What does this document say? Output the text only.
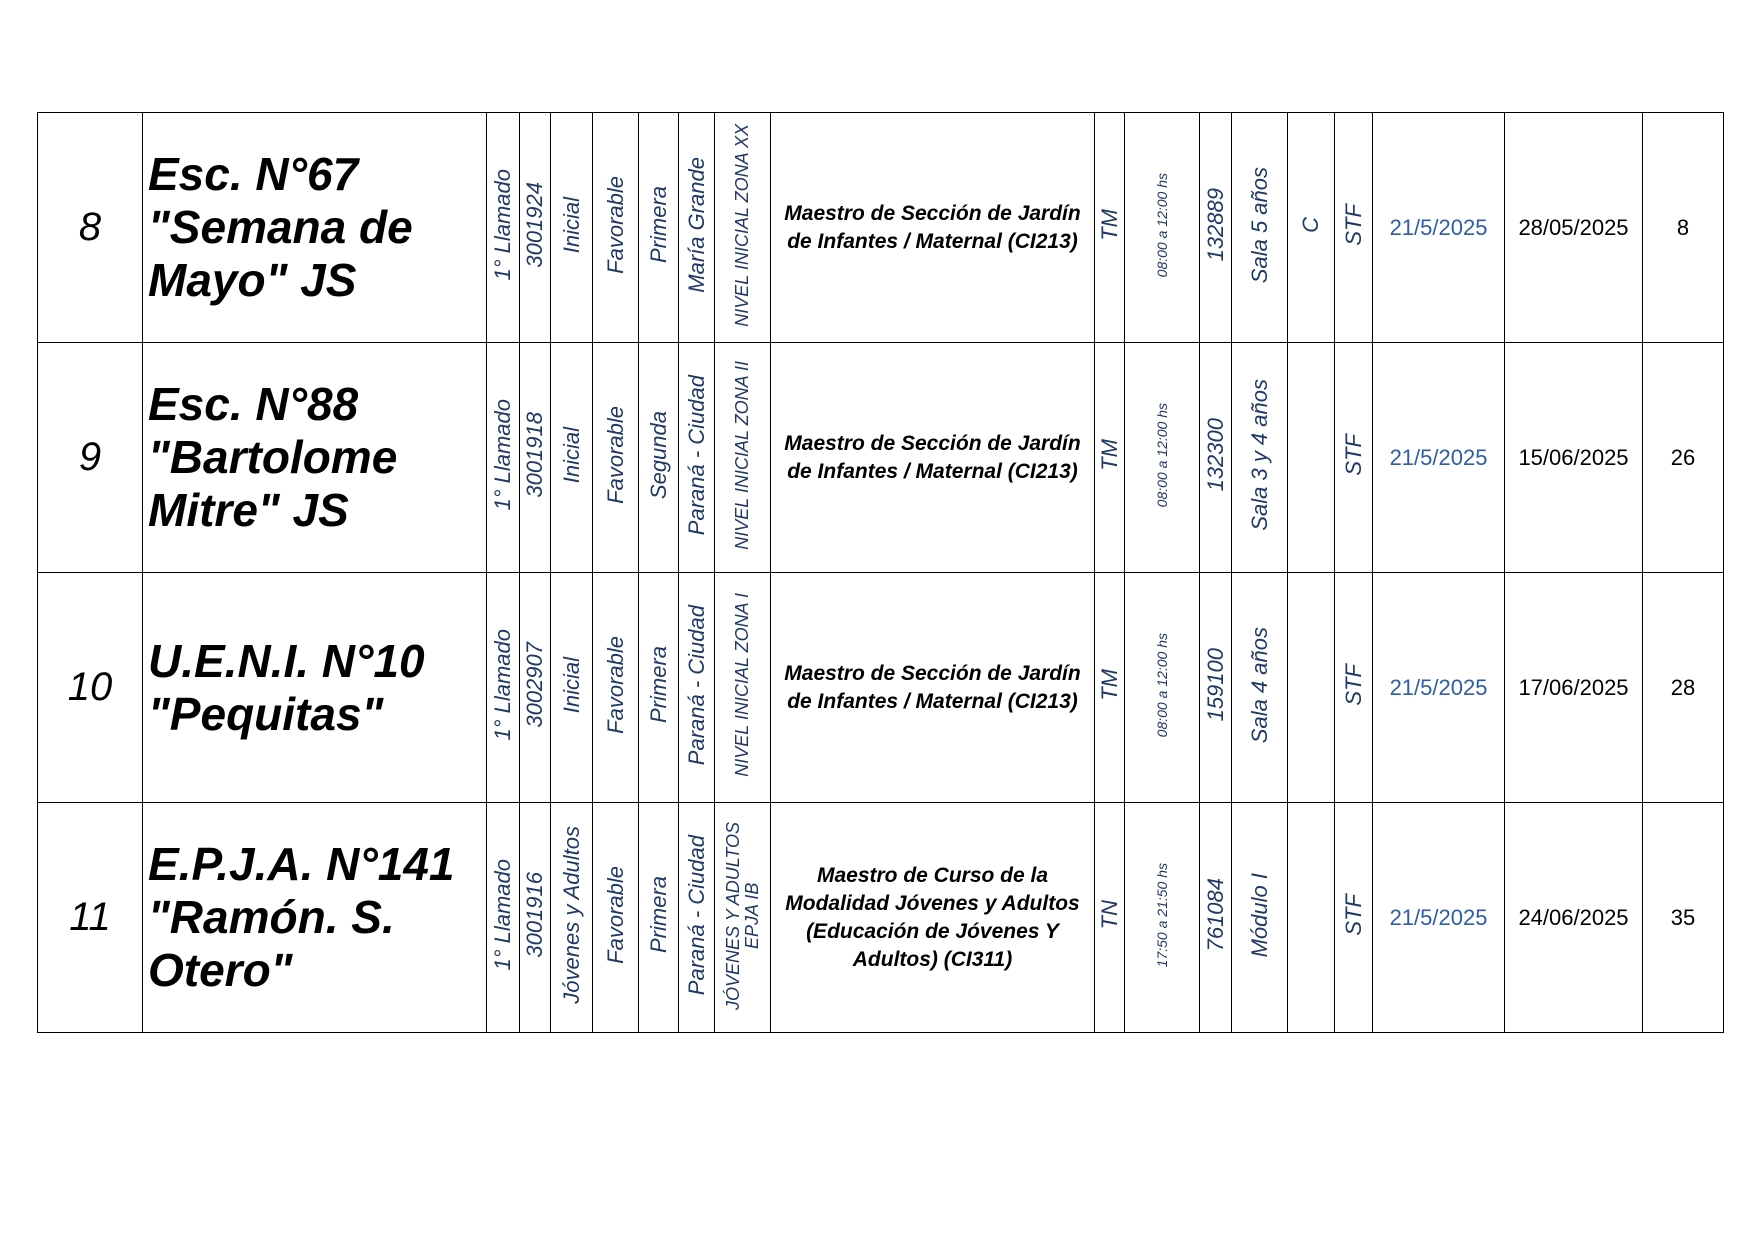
8	Esc. N°67 "Semana de Mayo" JS	1° Llamado	3001924	Inicial	Favorable	Primera	María Grande	NIVEL INICIAL ZONA XX	Maestro de Sección de Jardín de Infantes / Maternal (CI213)	TM	08:00 a 12:00 hs	132889	Sala 5 años	C	STF	21/5/2025	28/05/2025	8
9	Esc. N°88 "Bartolome Mitre" JS	1° Llamado	3001918	Inicial	Favorable	Segunda	Paraná - Ciudad	NIVEL INICIAL ZONA II	Maestro de Sección de Jardín de Infantes / Maternal (CI213)	TM	08:00 a 12:00 hs	132300	Sala 3 y 4 años		STF	21/5/2025	15/06/2025	26
10	U.E.N.I. N°10 "Pequitas"	1° Llamado	3002907	Inicial	Favorable	Primera	Paraná - Ciudad	NIVEL INICIAL ZONA I	Maestro de Sección de Jardín de Infantes / Maternal (CI213)	TM	08:00 a 12:00 hs	159100	Sala 4 años		STF	21/5/2025	17/06/2025	28
11	E.P.J.A. N°141 "Ramón. S. Otero"	1° Llamado	3001916	Jóvenes y Adultos	Favorable	Primera	Paraná - Ciudad	JÓVENES Y ADULTOS EPJA IB	Maestro de Curso de la Modalidad Jóvenes y Adultos (Educación de Jóvenes Y Adultos) (CI311)	TN	17:50 a 21:50 hs	761084	Módulo I		STF	21/5/2025	24/06/2025	35
